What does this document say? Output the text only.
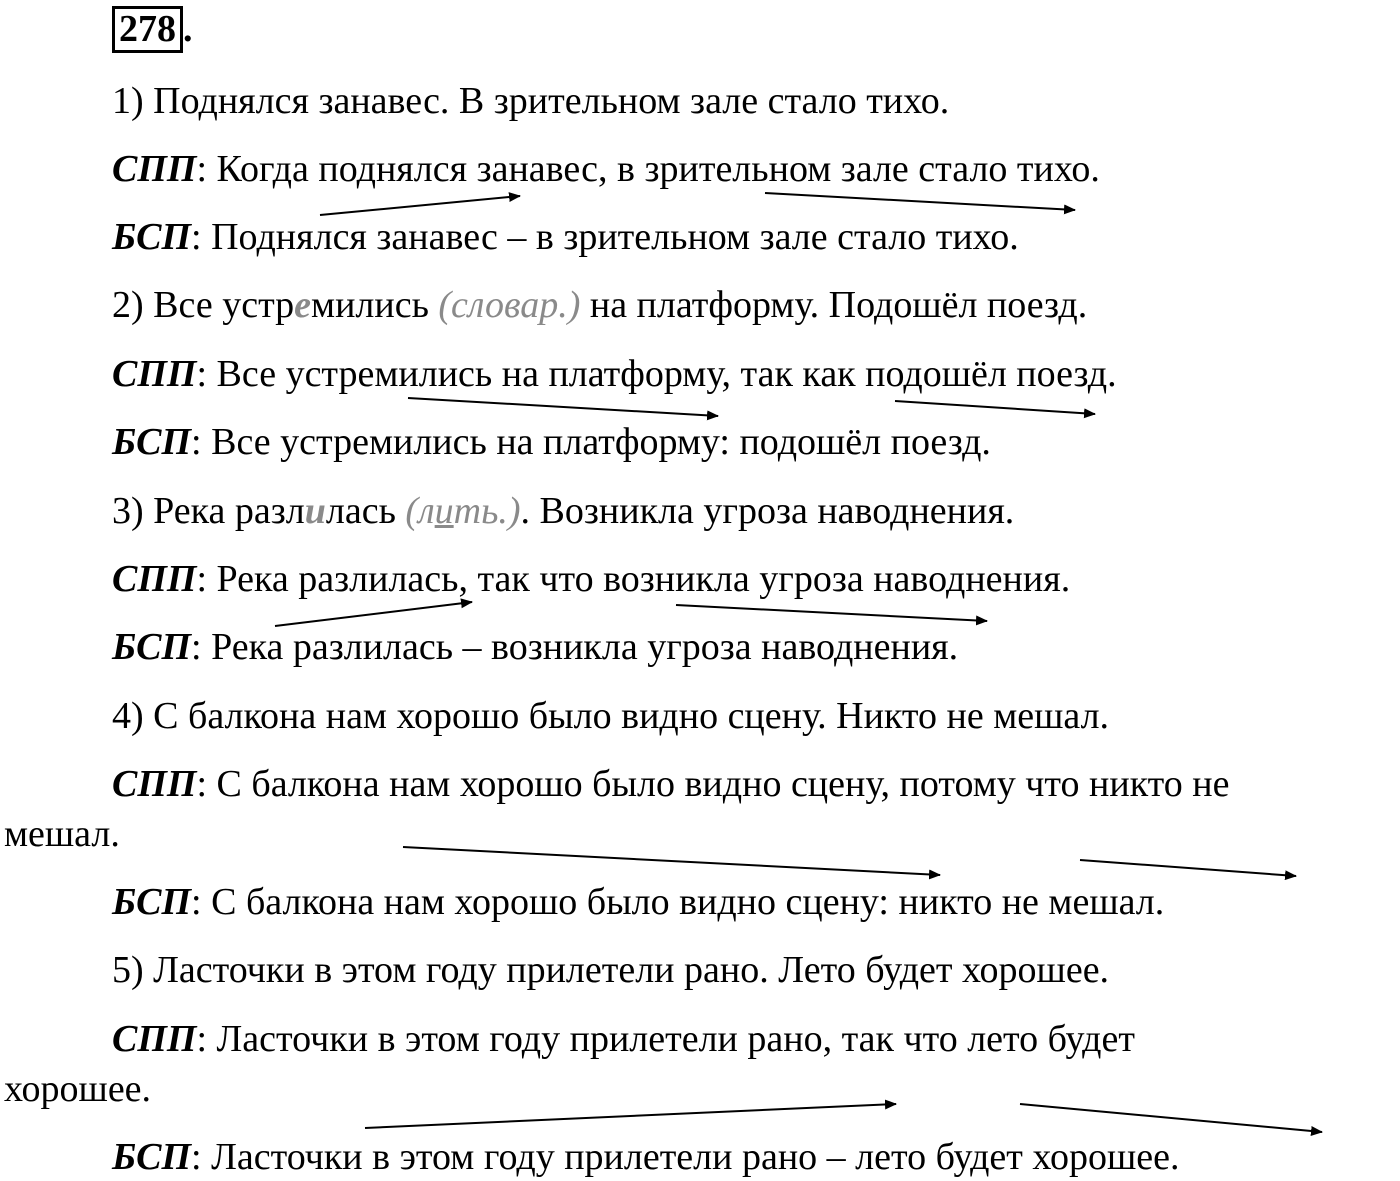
278 .
1) Поднялся занавес. В зрительном зале стало тихо.
СПП: Когда поднялся занавес, в зрительном зале стало тихо.
БСП: Поднялся занавес – в зрительном зале стало тихо.
2) Все устремились (словар.) на платформу. Подошёл поезд.
СПП: Все устремились на платформу, так как подошёл поезд.
БСП: Все устремились на платформу: подошёл поезд.
3) Река разлилась (лить.). Возникла угроза наводнения.
СПП: Река разлилась, так что возникла угроза наводнения.
БСП: Река разлилась – возникла угроза наводнения.
4) С балкона нам хорошо было видно сцену. Никто не мешал.
СПП: С балкона нам хорошо было видно сцену, потому что никто не
мешал.
БСП: С балкона нам хорошо было видно сцену: никто не мешал.
5) Ласточки в этом году прилетели рано. Лето будет хорошее.
СПП: Ласточки в этом году прилетели рано, так что лето будет
хорошее.
БСП: Ласточки в этом году прилетели рано – лето будет хорошее.
